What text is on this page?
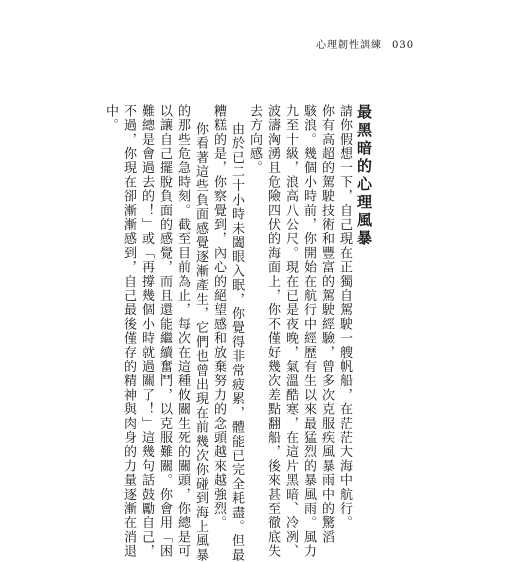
心理韌性訓練 030
最黑暗的心理風暴
請你假想一下，自己現在正獨自駕駛一艘帆船，在茫茫大海中航行。
你有高超的駕駛技術和豐富的駕駛經驗，曾多次克服疾風暴雨中的驚滔
駭浪。幾個小時前，你開始在航行中經歷有生以來最猛烈的暴風雨。風力
九至十級，浪高八公尺。現在已是夜晚，氣溫酷寒，在這片黑暗、冷冽、
波濤洶湧且危險四伏的海面上，你不僅好幾次差點翻船，後來甚至徹底失
去方向感。
由於已二十小時未闔眼入眠，你覺得非常疲累，體能已完全耗盡。但最
糟糕的是，你察覺到，內心的絕望感和放棄努力的念頭越來越強烈。
你看著這些負面感覺逐漸產生，它們也曾出現在前幾次你碰到海上風暴
的那些危急時刻。截至目前為止，每次在這種攸關生死的關頭，你總是可
以讓自己擺脫負面的感覺，而且還能繼續奮鬥，以克服難關。你會用「困
難總是會過去的！」或「再撐幾個小時就過關了！」這幾句話鼓勵自己，
不過，你現在卻漸漸感到，自己最後僅存的精神與肉身的力量逐漸在消退
中。
